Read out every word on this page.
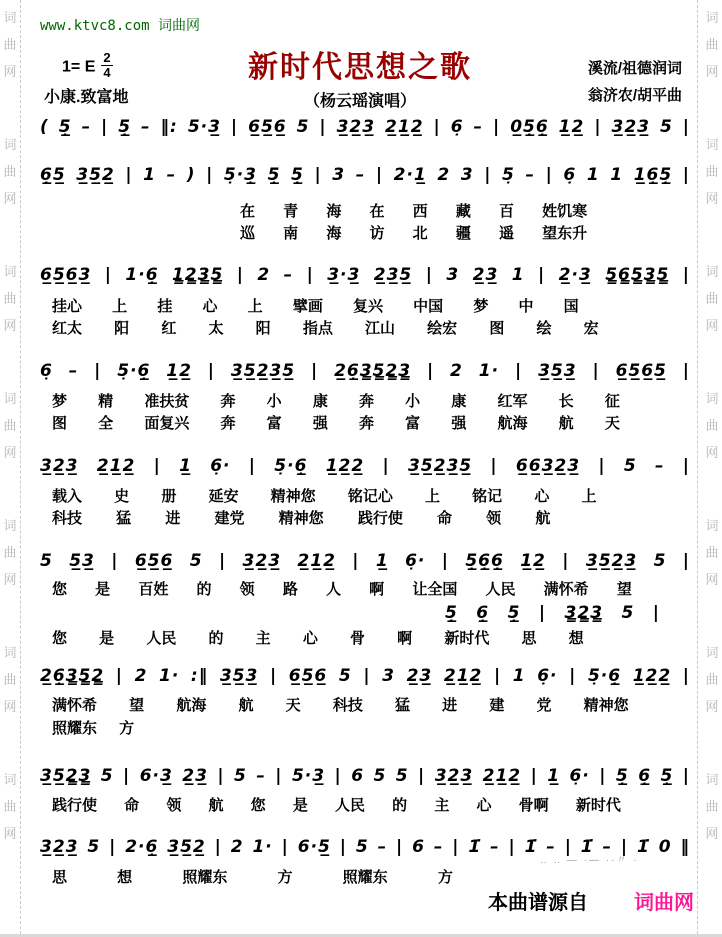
词
曲
网
词
曲
网
词
曲
网
词
曲
网
词
曲
网
词
曲
网
词
曲
网
词
曲
网
词
曲
网
词
曲
网
词
曲
网
词
曲
网
词
曲
网
词
曲
网
www.ktvc8.com 词曲网
新时代思想之歌
（杨云瑶演唱）
1= E $\frac{2}{4}$
小康.致富地
溪流/祖德润词
翁济农/胡平曲
( 5̲̣ – | 5̲̣ – ‖: 5·3̲ | 6̲5̲6̲ 5 | 3̲2̲3̲ 2̲1̲2̲ | 6̣ – | 0̲5̲̣6̲̣ 1̲2̲ | 3̲2̲3̲ 5 |
6̲̣5̲ 3̲5̲2̲ | 1 – ) | 5̣·3̲̣ 5̲̣ 5̲̣ | 3 – | 2·1̲ 2 3 | 5̣ – | 6̣ 1 1 1̲6̲̣5̲̣ |
在 青 海 在 西 藏 百 姓饥寒
巡 南 海 访 北 疆 遥 望东升
6̲5̲6̲3̲ | 1·6̲̣ 1̳2̳3̳5̳ | 2 – | 3̲·3̲ 2̲3̲5̲ | 3 2̲3̲ 1 | 2̲·3̲ 5̳6̳5̳3̳5̳ |
挂心 上 挂 心 上 擘画 复兴 中国 梦 中 国
红太 阳 红 太 阳 指点 江山 绘宏 图 绘 宏
6̣ – | 5̣·6̲̣ 1̲2̲ | 3̲5̲2̲3̲5̲ | 2̲6̲̣3̳5̳2̳3̳ | 2 1· | 3̲5̲3̲ | 6̲5̲6̲5̲ |
梦 精 准扶贫 奔 小 康 奔 小 康 红军 长 征
图 全 面复兴 奔 富 强 奔 富 强 航海 航 天
3̲2̲3̲ 2̲1̲2̲ | 1̲ 6̣· | 5̣·6̲̣ 1̲2̲2̲ | 3̲5̲2̲3̲5̲ | 6̲6̲3̲2̲3̲ | 5 – |
载入 史 册 延安 精神您 铭记心 上 铭记 心 上
科技 猛 进 建党 精神您 践行使 命 领 航
5 5̲3̲ | 6̲5̲6̲ 5 | 3̲2̲3̲ 2̲1̲2̲ | 1̲ 6̣· | 5̲̣6̲̣6̲̣ 1̲2̲ | 3̲5̲2̲3̲ 5 |
您 是 百姓 的 领 路 人 啊 让全国 人民 满怀希 望
5̲̣ 6̲̣ 5̲̣ | 3̳2̳3̳ 5 |
您 是 人民 的 主 心 骨 啊 新时代 思 想
2̲6̲̣3̳5̳2̳ | 2 1· :‖ 3̲5̲3̲ | 6̲5̲6̲ 5 | 3 2̲3̲ 2̲1̲2̲ | 1 6̣· | 5̣·6̲̣ 1̲2̲2̲ |
满怀希 望 航海 航 天 科技 猛 进 建 党 精神您
照耀东 方
3̲5̲2̳3̳ 5 | 6·3̲ 2̲3̲ | 5 – | 5·3̲ | 6 5 5 | 3̲2̲3̲ 2̲1̲2̲ | 1̲ 6̣· | 5̲̣ 6̲̣ 5̲̣ |
践行使 命 领 航 您 是 人民 的 主 心 骨啊 新时代
3̲2̲3̲ 5 | 2·6̲̣ 3̲5̲2̲ | 2 1· | 6·5̲ | 5 – | 6 – | 1̇ – | 1̇ – | 1̇ – | 1̇ 0 ‖
思 想 照耀东 方 照耀东 方
‥ ‥ — ·— ··〃 ·
本曲谱源自 词曲网
